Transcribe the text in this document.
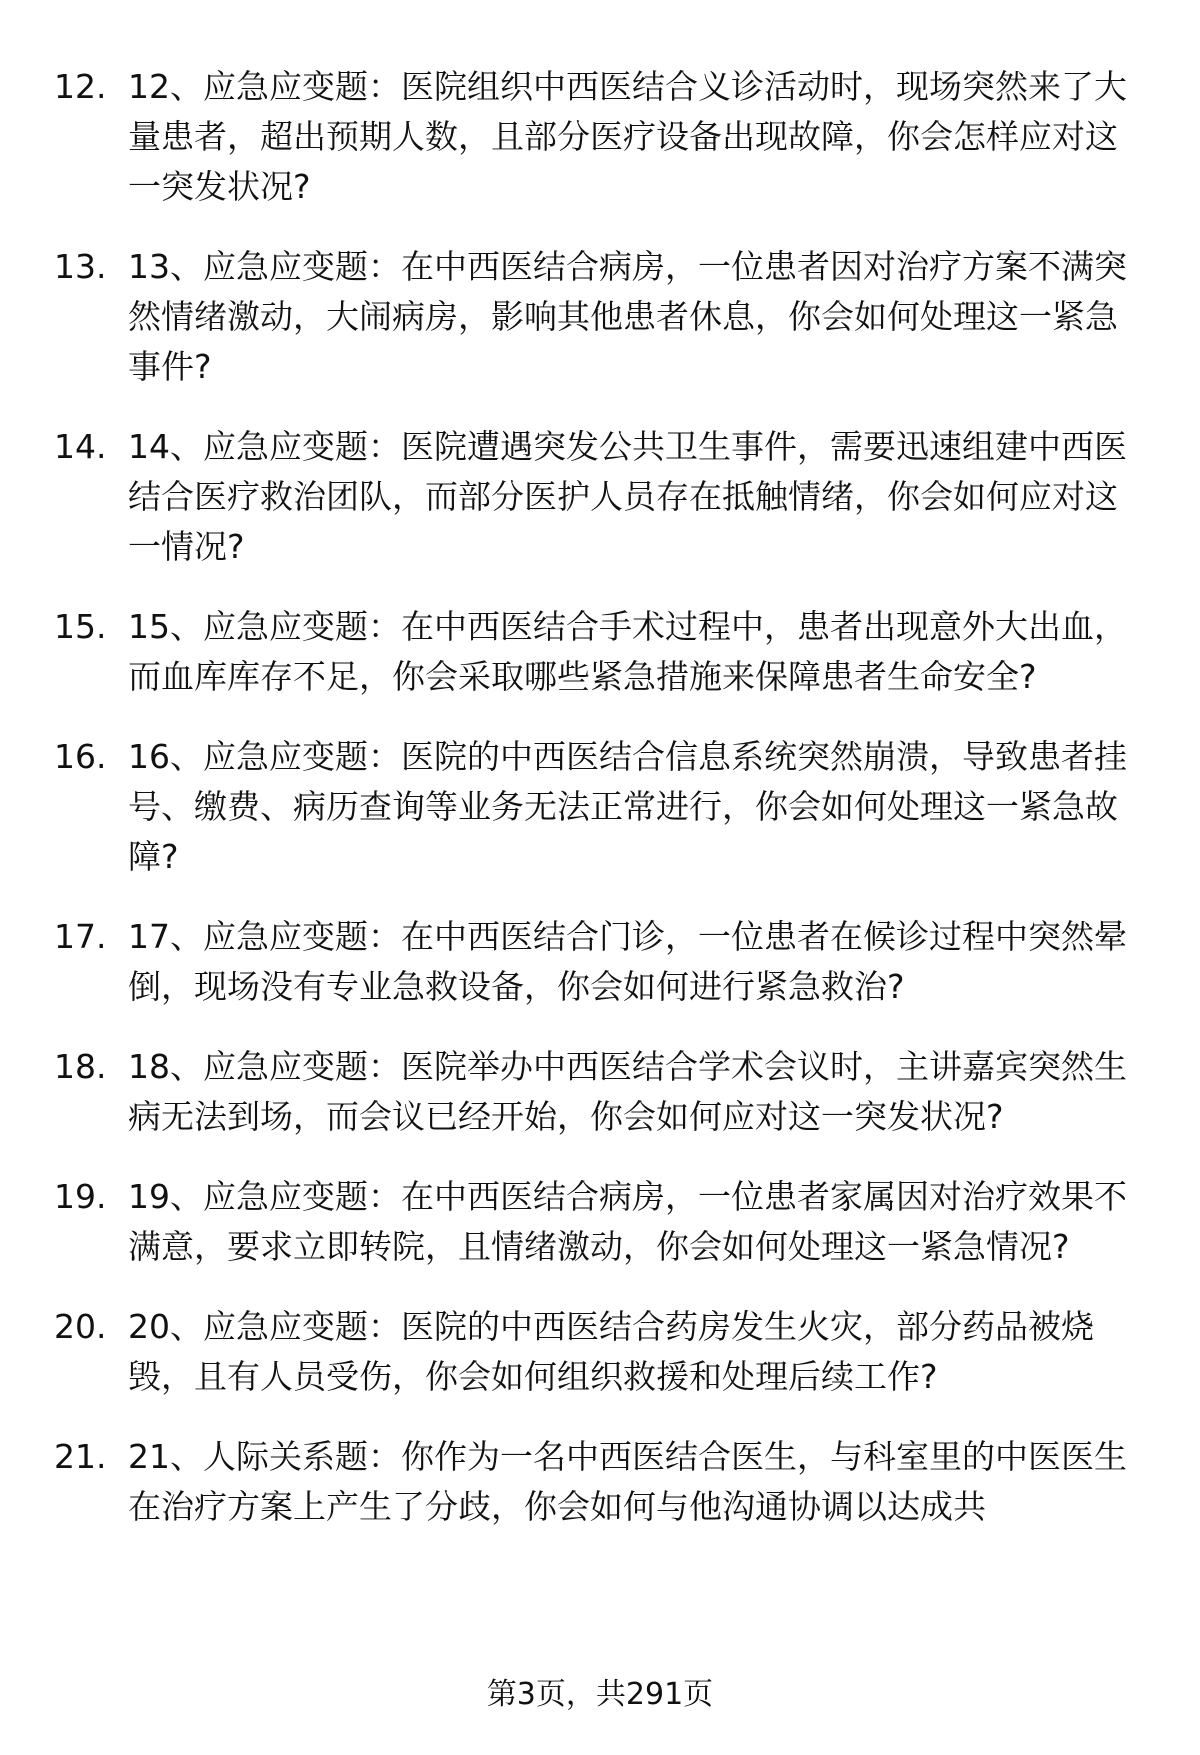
12. 12、应急应变题：医院组织中西医结合义诊活动时，现场突然来了大量患者，超出预期人数，且部分医疗设备出现故障，你会怎样应对这一突发状况?
13. 13、应急应变题：在中西医结合病房，一位患者因对治疗方案不满突然情绪激动，大闹病房，影响其他患者休息，你会如何处理这一紧急事件?
14. 14、应急应变题：医院遭遇突发公共卫生事件，需要迅速组建中西医结合医疗救治团队，而部分医护人员存在抵触情绪，你会如何应对这一情况?
15. 15、应急应变题：在中西医结合手术过程中，患者出现意外大出血，而血库库存不足，你会采取哪些紧急措施来保障患者生命安全?
16. 16、应急应变题：医院的中西医结合信息系统突然崩溃，导致患者挂号、缴费、病历查询等业务无法正常进行，你会如何处理这一紧急故障?
17. 17、应急应变题：在中西医结合门诊，一位患者在候诊过程中突然晕倒，现场没有专业急救设备，你会如何进行紧急救治?
18. 18、应急应变题：医院举办中西医结合学术会议时，主讲嘉宾突然生病无法到场，而会议已经开始，你会如何应对这一突发状况?
19. 19、应急应变题：在中西医结合病房，一位患者家属因对治疗效果不满意，要求立即转院，且情绪激动，你会如何处理这一紧急情况?
20. 20、应急应变题：医院的中西医结合药房发生火灾，部分药品被烧毁，且有人员受伤，你会如何组织救援和处理后续工作?
21. 21、人际关系题：你作为一名中西医结合医生，与科室里的中医医生在治疗方案上产生了分歧，你会如何与他沟通协调以达成共
第3页，共291页
